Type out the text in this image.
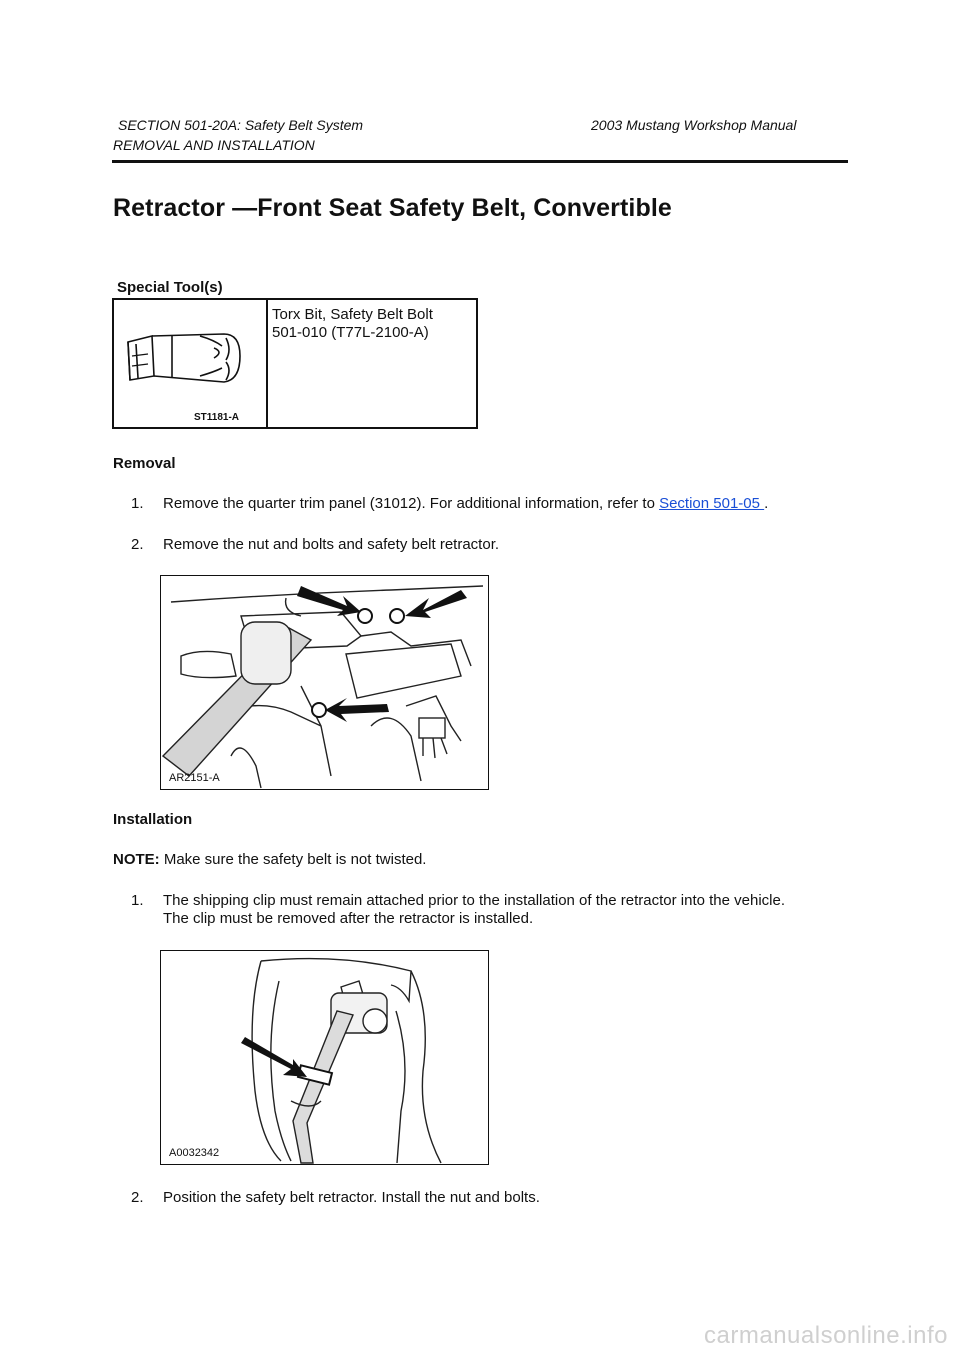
SECTION 501-20A: Safety Belt System	2003 Mustang Workshop Manual
REMOVAL AND INSTALLATION
Retractor —Front Seat Safety Belt, Convertible
Special Tool(s)
ST1181-A
Torx Bit, Safety Belt Bolt
501-010 (T77L-2100-A)
Removal
1.	Remove the quarter trim panel (31012). For additional information, refer to Section 501-05 .
2.	Remove the nut and bolts and safety belt retractor.
AR2151-A
Installation
NOTE: Make sure the safety belt is not twisted.
1.	The shipping clip must remain attached prior to the installation of the retractor into the vehicle.
The clip must be removed after the retractor is installed.
A0032342
2.	Position the safety belt retractor. Install the nut and bolts.
carmanualsonline.info
